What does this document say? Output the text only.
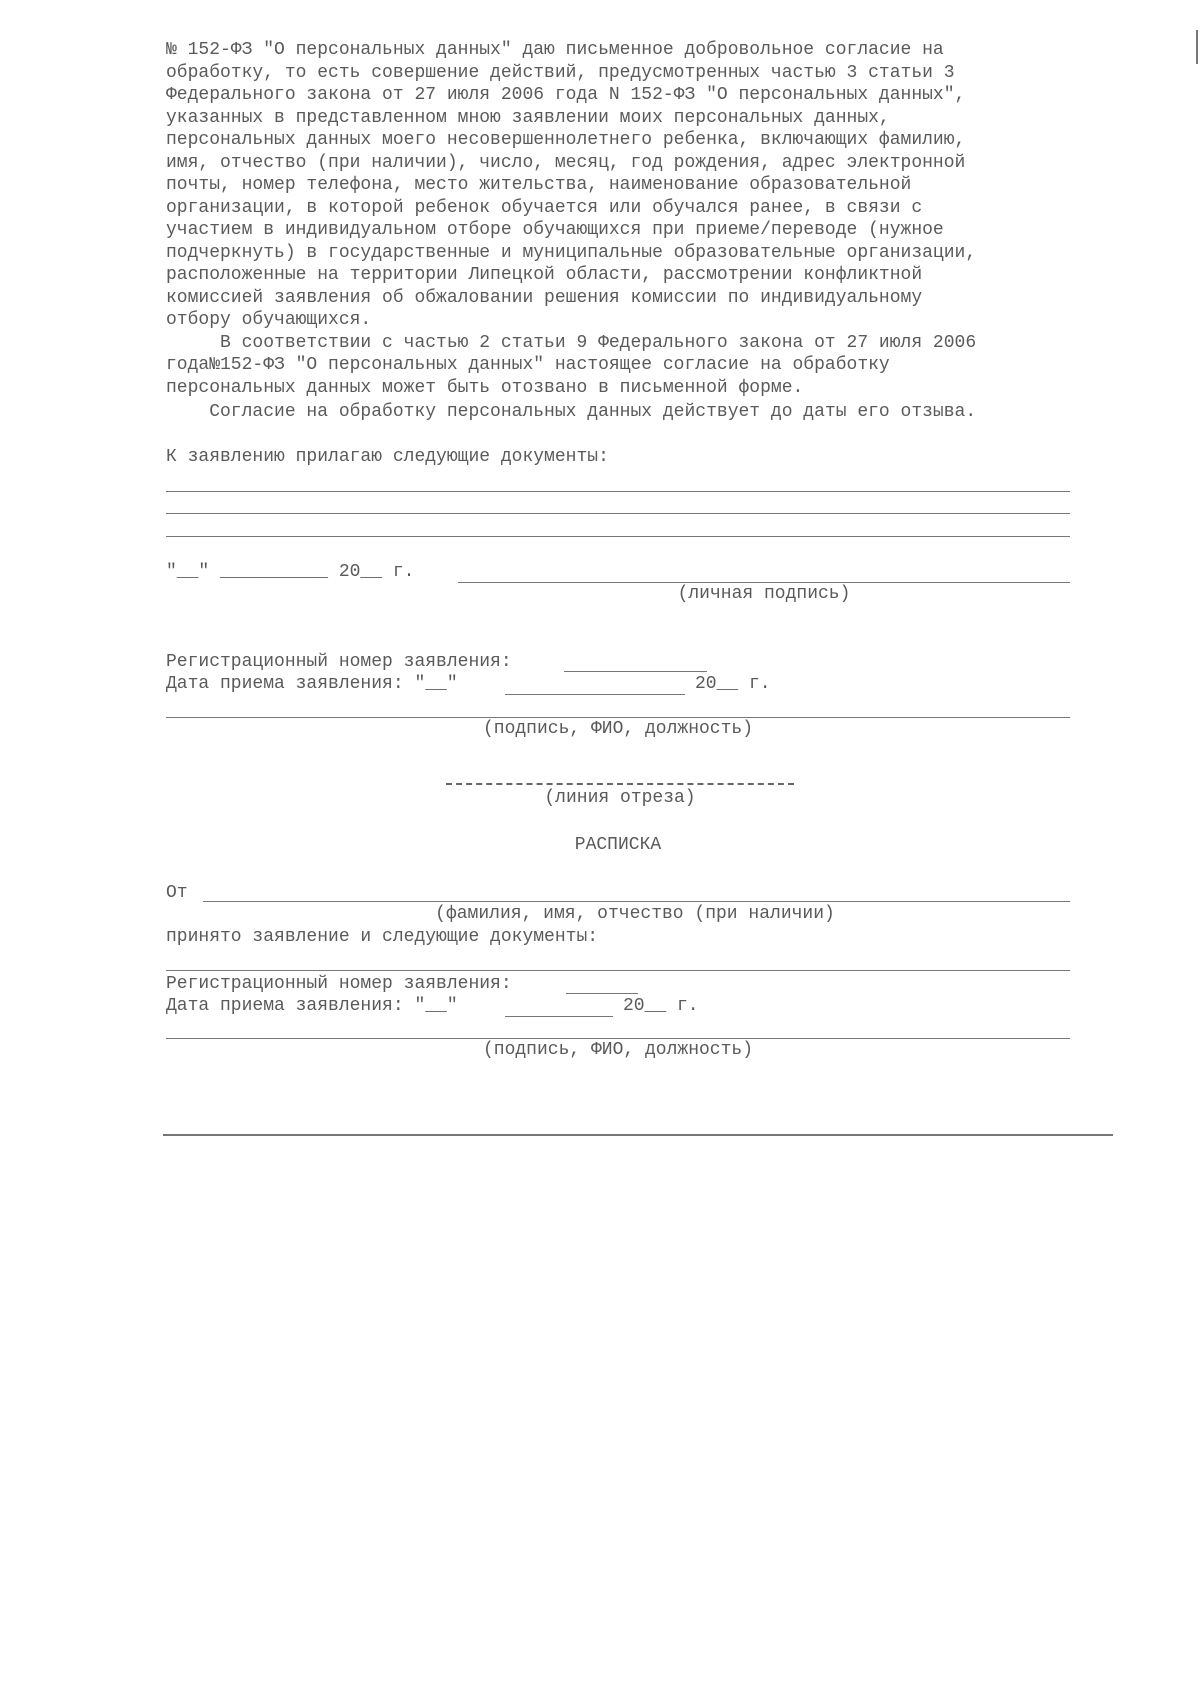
№ 152-ФЗ "О персональных данных" даю письменное добровольное согласие на

обработку, то есть совершение действий, предусмотренных частью 3 статьи 3

Федерального закона от 27 июля 2006 года N 152-ФЗ "О персональных данных",

указанных в представленном мною заявлении моих персональных данных,

персональных данных моего несовершеннолетнего ребенка, включающих фамилию,

имя, отчество (при наличии), число, месяц, год рождения, адрес электронной

почты, номер телефона, место жительства, наименование образовательной

организации, в которой ребенок обучается или обучался ранее, в связи с

участием в индивидуальном отборе обучающихся при приеме/переводе (нужное

подчеркнуть) в государственные и муниципальные образовательные организации,

расположенные на территории Липецкой области, рассмотрении конфликтной

комиссией заявления об обжаловании решения комиссии по индивидуальному

отбору обучающихся.

В соответствии с частью 2 статьи 9 Федерального закона от 27 июля 2006

года№152-ФЗ "О персональных данных" настоящее согласие на обработку

персональных данных может быть отозвано в письменной форме.

Согласие на обработку персональных данных действует до даты его отзыва.

К заявлению прилагаю следующие документы:

"__" __________ 20__ г.

(личная подпись)

Регистрационный номер заявления:

Дата приема заявления: "__"	20__ г.

(подпись, ФИО, должность)
(линия отреза)
РАСПИСКА

От

(фамилия, имя, отчество (при наличии)

принято заявление и следующие документы:

Регистрационный номер заявления:

Дата приема заявления: "__"	20__ г.

(подпись, ФИО, должность)
